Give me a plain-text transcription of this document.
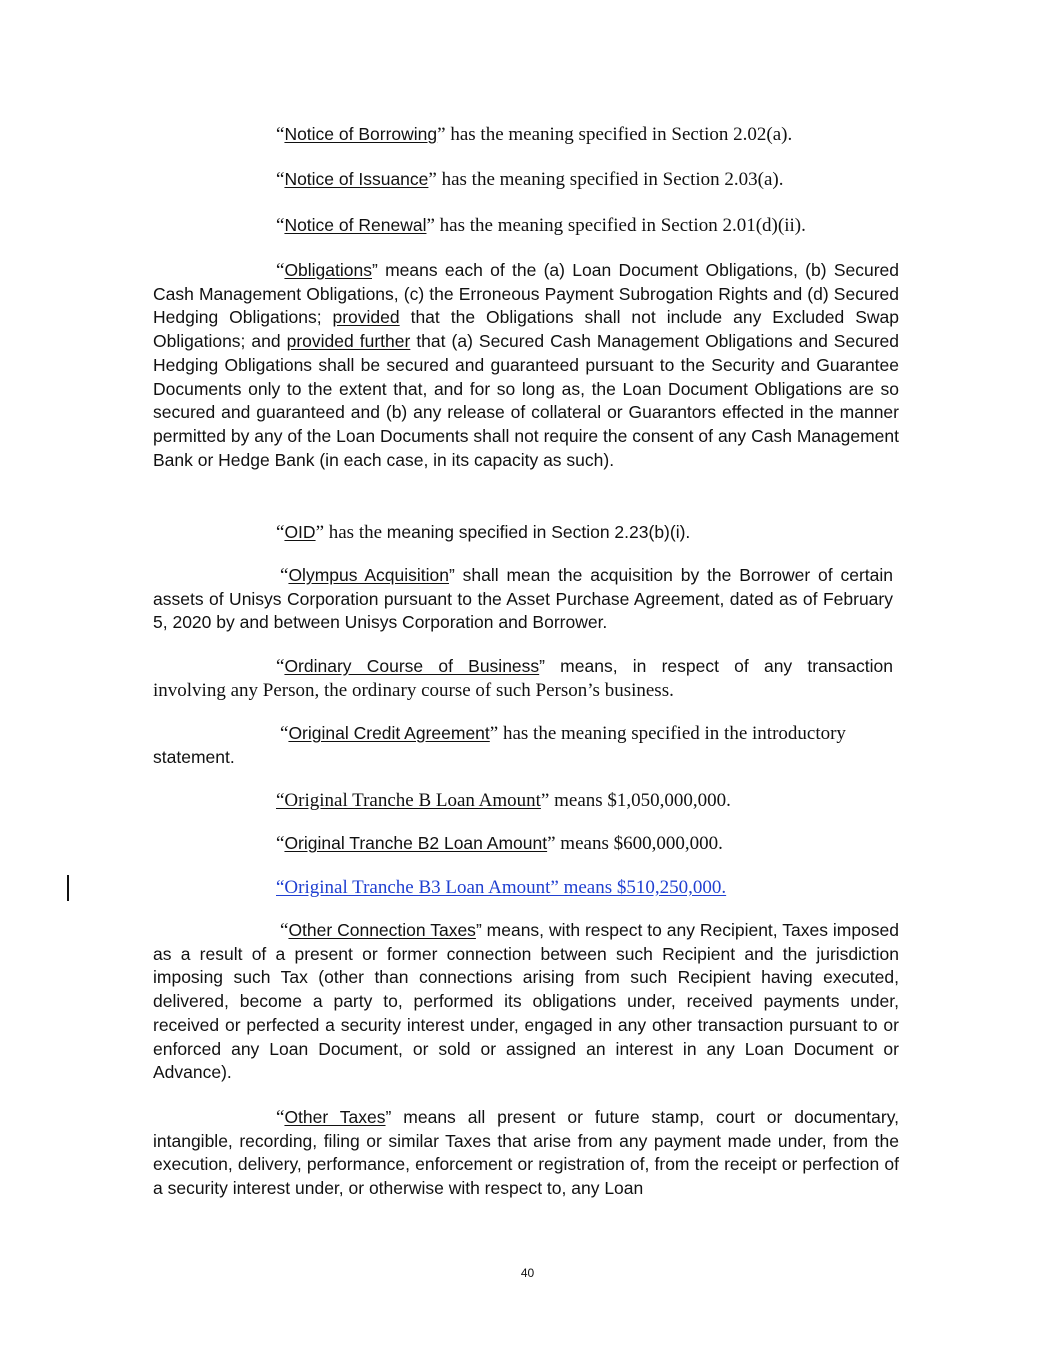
“Notice of Borrowing” has the meaning specified in Section 2.02(a).

“Notice of Issuance” has the meaning specified in Section 2.03(a).

“Notice of Renewal” has the meaning specified in Section 2.01(d)(ii).

“Obligations” means each of the (a) Loan Document Obligations, (b) Secured Cash Management Obligations, (c) the Erroneous Payment Subrogation Rights and (d) Secured Hedging Obligations; provided that the Obligations shall not include any Excluded Swap Obligations; and provided further that (a) Secured Cash Management Obligations and Secured Hedging Obligations shall be secured and guaranteed pursuant to the Security and Guarantee Documents only to the extent that, and for so long as, the Loan Document Obligations are so secured and guaranteed and (b) any release of collateral or Guarantors effected in the manner permitted by any of the Loan Documents shall not require the consent of any Cash Management Bank or Hedge Bank (in each case, in its capacity as such).

“OID” has the meaning specified in Section 2.23(b)(i).

“Olympus Acquisition” shall mean the acquisition by the Borrower of certain assets of Unisys Corporation pursuant to the Asset Purchase Agreement, dated as of February 5, 2020 by and between Unisys Corporation and Borrower.

“Ordinary Course of Business” means, in respect of any transaction
involving any Person, the ordinary course of such Person’s business.
“Original Credit Agreement” has the meaning specified in the introductory
statement.

“Original Tranche B Loan Amount” means $1,050,000,000.

“Original Tranche B2 Loan Amount” means $600,000,000.

“Original Tranche B3 Loan Amount” means $510,250,000.

“Other Connection Taxes” means, with respect to any Recipient, Taxes imposed as a result of a present or former connection between such Recipient and the jurisdiction imposing such Tax (other than connections arising from such Recipient having executed, delivered, become a party to, performed its obligations under, received payments under, received or perfected a security interest under, engaged in any other transaction pursuant to or enforced any Loan Document, or sold or assigned an interest in any Loan Document or Advance).

“Other Taxes” means all present or future stamp, court or documentary, intangible, recording, filing or similar Taxes that arise from any payment made under, from the execution, delivery, performance, enforcement or registration of, from the receipt or perfection of a security interest under, or otherwise with respect to, any Loan

40
